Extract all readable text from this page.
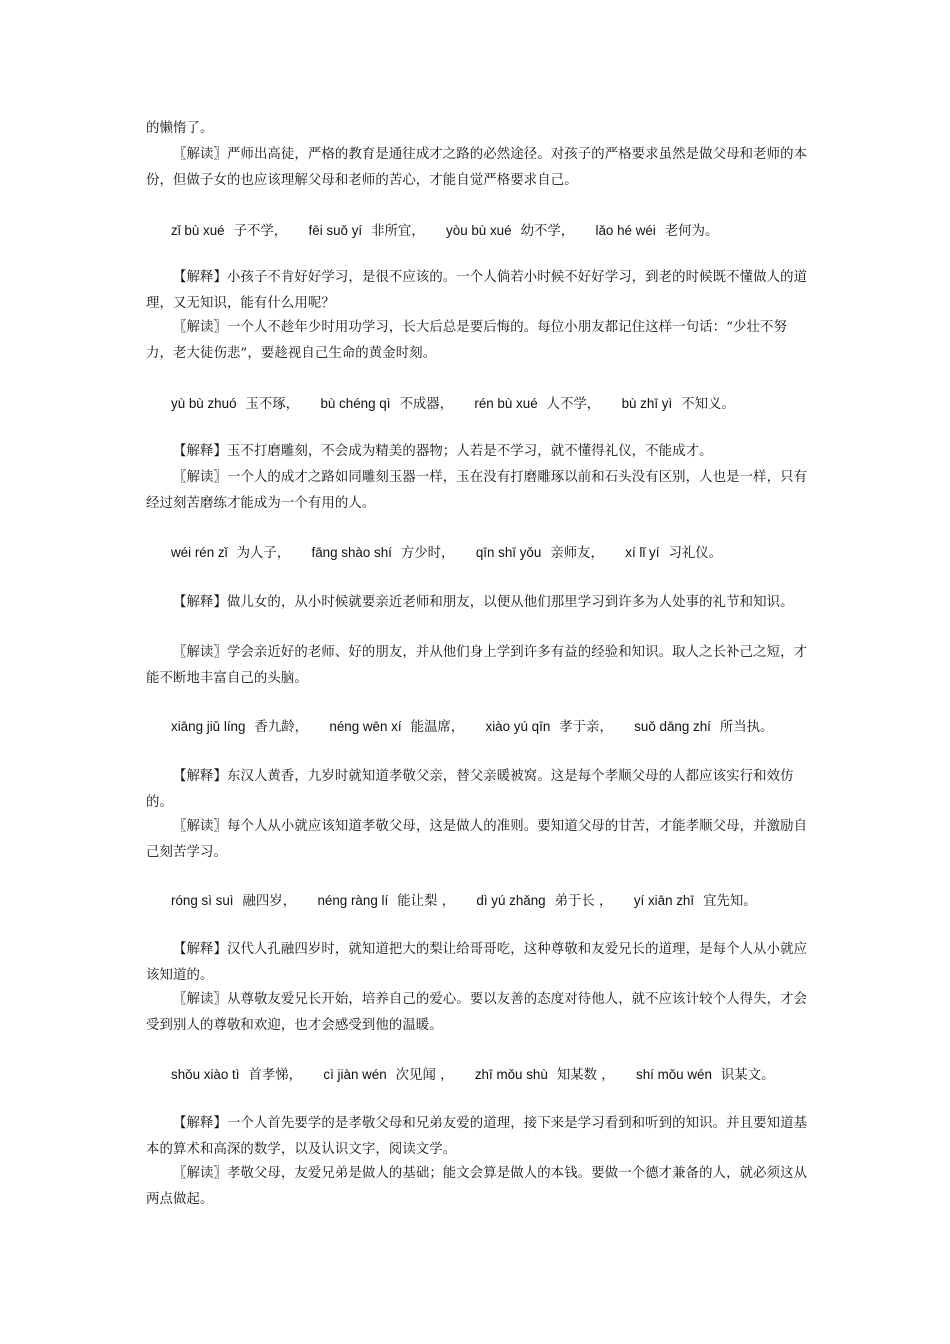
的懒惰了。

〖解读〗严师出高徒，严格的教育是通往成才之路的必然途径。对孩子的严格要求虽然是做父母和老师的本份，但做子女的也应该理解父母和老师的苦心，才能自觉严格要求自己。

zǐ bù xué 子不学， fēi suǒ yí 非所宜， yòu bù xué 幼不学， lǎo hé wéi 老何为。

【解释】小孩子不肯好好学习，是很不应该的。一个人倘若小时候不好好学习，到老的时候既不懂做人的道理，又无知识，能有什么用呢？

〖解读〗一个人不趁年少时用功学习，长大后总是要后悔的。每位小朋友都记住这样一句话：“少壮不努力，老大徒伤悲”，要趁视自己生命的黄金时刻。

yù bù zhuó 玉不琢， bù chéng qì 不成器， rén bù xué 人不学， bù zhī yì 不知义。

【解释】玉不打磨雕刻，不会成为精美的器物；人若是不学习，就不懂得礼仪，不能成才。

〖解读〗一个人的成才之路如同雕刻玉器一样，玉在没有打磨雕琢以前和石头没有区别，人也是一样，只有经过刻苦磨练才能成为一个有用的人。

wéi rén zǐ 为人子， fāng shào shí 方少时， qīn shī yǒu 亲师友， xí lǐ yí 习礼仪。

【解释】做儿女的，从小时候就要亲近老师和朋友，以便从他们那里学习到许多为人处事的礼节和知识。

〖解读〗学会亲近好的老师、好的朋友，并从他们身上学到许多有益的经验和知识。取人之长补己之短，才能不断地丰富自己的头脑。

xiāng jiǔ líng 香九龄， néng wēn xí 能温席， xiào yú qīn 孝于亲， suǒ dāng zhí 所当执。

【解释】东汉人黄香，九岁时就知道孝敬父亲，替父亲暖被窝。这是每个孝顺父母的人都应该实行和效仿的。

〖解读〗每个人从小就应该知道孝敬父母，这是做人的准则。要知道父母的甘苦，才能孝顺父母，并激励自己刻苦学习。

róng sì suì 融四岁， néng ràng lí 能让梨 ， dì yú zhǎng 弟于长 ， yí xiān zhī 宜先知。

【解释】汉代人孔融四岁时，就知道把大的梨让给哥哥吃，这种尊敬和友爱兄长的道理，是每个人从小就应该知道的。

〖解读〗从尊敬友爱兄长开始，培养自己的爱心。要以友善的态度对待他人，就不应该计较个人得失，才会受到别人的尊敬和欢迎，也才会感受到他的温暖。

shǒu xiào tì 首孝悌， cì jiàn wén 次见闻 ， zhī mǒu shù 知某数 ， shí mǒu wén 识某文。

【解释】一个人首先要学的是孝敬父母和兄弟友爱的道理，接下来是学习看到和听到的知识。并且要知道基本的算术和高深的数学，以及认识文字，阅读文学。

〖解读〗孝敬父母，友爱兄弟是做人的基础；能文会算是做人的本钱。要做一个德才兼备的人，就必须这从两点做起。
